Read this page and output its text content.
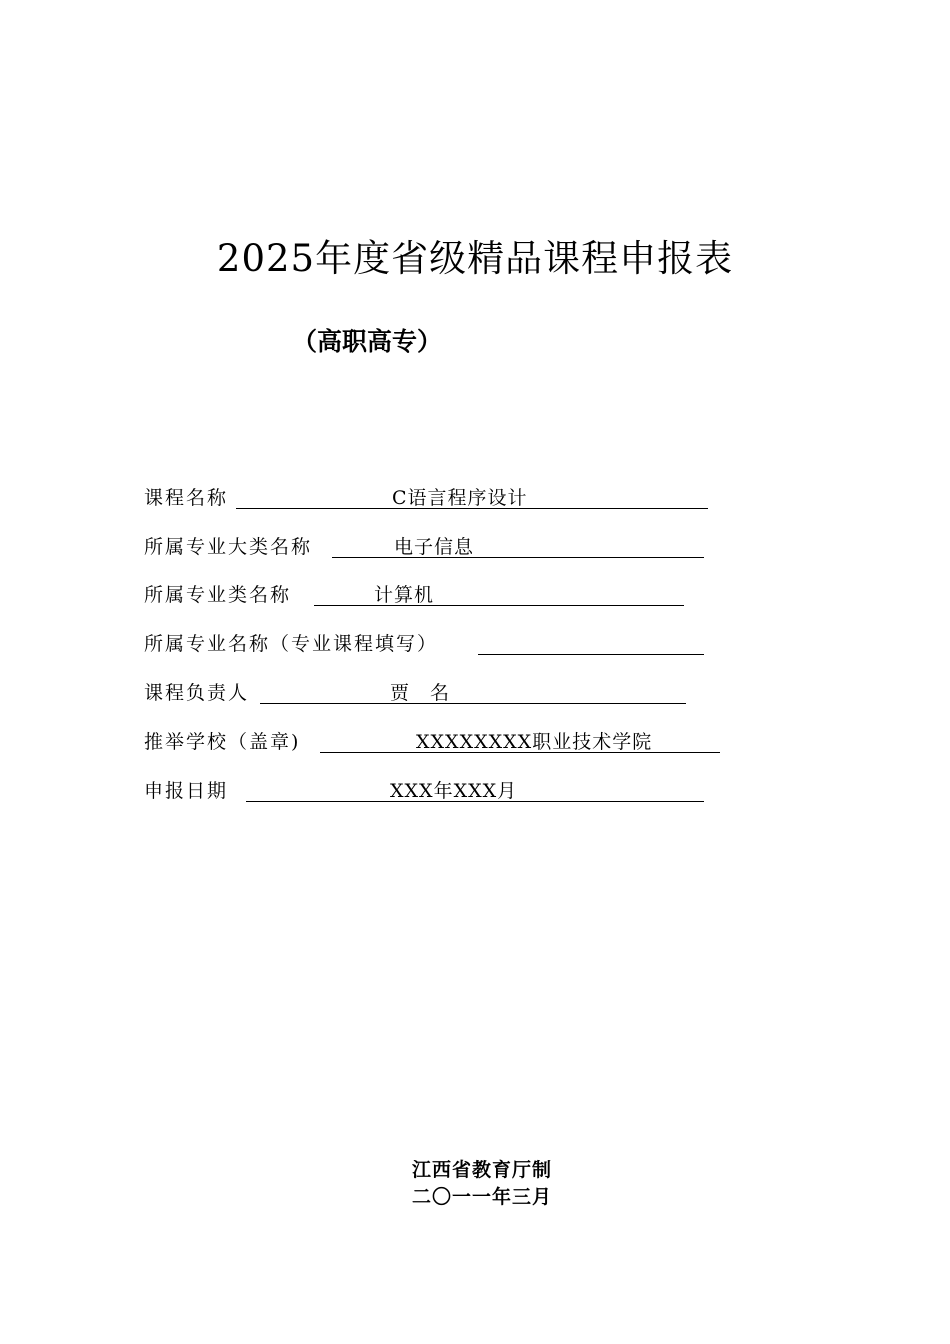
2025年度省级精品课程申报表
（高职高专）
课程名称	C语言程序设计
所属专业大类名称	电子信息
所属专业类名称	计算机
所属专业名称（专业课程填写）
课程负责人	贾　名
推举学校（盖章)	XXXXXXXX职业技术学院
申报日期	XXX年XXX月
江西省教育厅制
二〇一一年三月
